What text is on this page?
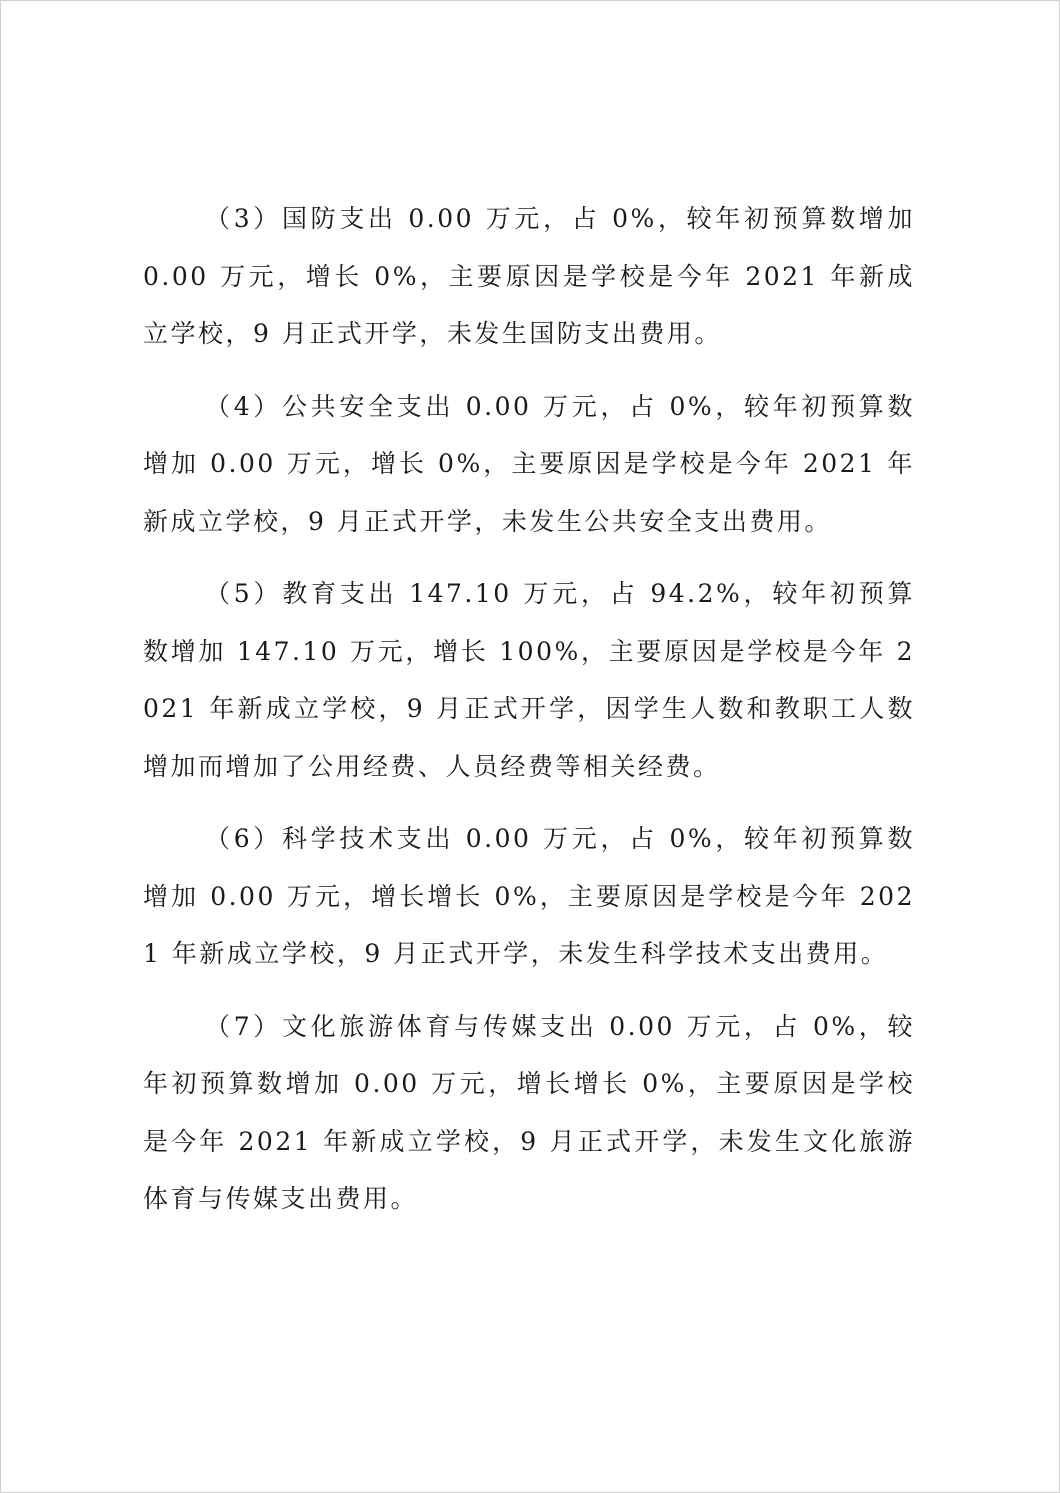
（3）国防支出 0.00 万元，占 0%，较年初预算数增加 0.00 万元，增长 0%，主要原因是学校是今年 2021 年新成立学校，9 月正式开学，未发生国防支出费用。

（4）公共安全支出 0.00 万元，占 0%，较年初预算数增加 0.00 万元，增长 0%，主要原因是学校是今年 2021 年新成立学校，9 月正式开学，未发生公共安全支出费用。

（5）教育支出 147.10 万元，占 94.2%，较年初预算数增加 147.10 万元，增长 100%，主要原因是学校是今年 2021 年新成立学校，9 月正式开学，因学生人数和教职工人数增加而增加了公用经费、人员经费等相关经费。

（6）科学技术支出 0.00 万元，占 0%，较年初预算数增加 0.00 万元，增长增长 0%，主要原因是学校是今年 2021 年新成立学校，9 月正式开学，未发生科学技术支出费用。

（7）文化旅游体育与传媒支出 0.00 万元，占 0%，较年初预算数增加 0.00 万元，增长增长 0%，主要原因是学校是今年 2021 年新成立学校，9 月正式开学，未发生文化旅游体育与传媒支出费用。
